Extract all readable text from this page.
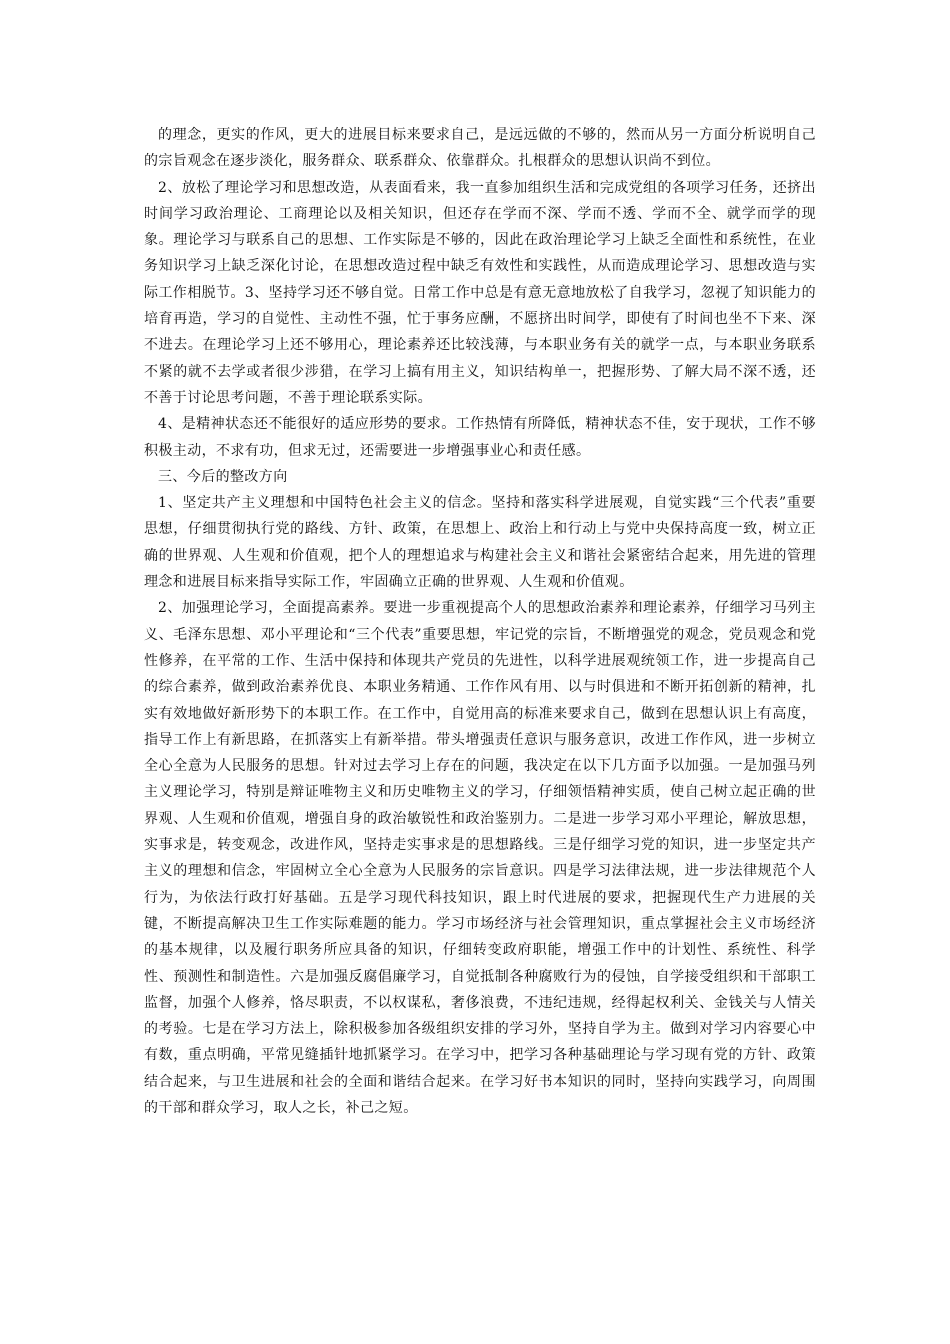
的理念，更实的作风，更大的进展目标来要求自己，是远远做的不够的，然而从另一方面分析说明自己的宗旨观念在逐步淡化，服务群众、联系群众、依靠群众。扎根群众的思想认识尚不到位。

2、放松了理论学习和思想改造，从表面看来，我一直参加组织生活和完成党组的各项学习任务，还挤出时间学习政治理论、工商理论以及相关知识，但还存在学而不深、学而不透、学而不全、就学而学的现象。理论学习与联系自己的思想、工作实际是不够的，因此在政治理论学习上缺乏全面性和系统性，在业务知识学习上缺乏深化讨论，在思想改造过程中缺乏有效性和实践性，从而造成理论学习、思想改造与实际工作相脱节。3、坚持学习还不够自觉。日常工作中总是有意无意地放松了自我学习，忽视了知识能力的培育再造，学习的自觉性、主动性不强，忙于事务应酬，不愿挤出时间学，即使有了时间也坐不下来、深不进去。在理论学习上还不够用心，理论素养还比较浅薄，与本职业务有关的就学一点，与本职业务联系不紧的就不去学或者很少涉猎，在学习上搞有用主义，知识结构单一，把握形势、了解大局不深不透，还不善于讨论思考问题，不善于理论联系实际。

4、是精神状态还不能很好的适应形势的要求。工作热情有所降低，精神状态不佳，安于现状，工作不够积极主动，不求有功，但求无过，还需要进一步增强事业心和责任感。

三、今后的整改方向

1、坚定共产主义理想和中国特色社会主义的信念。坚持和落实科学进展观，自觉实践“三个代表”重要思想，仔细贯彻执行党的路线、方针、政策，在思想上、政治上和行动上与党中央保持高度一致，树立正确的世界观、人生观和价值观，把个人的理想追求与构建社会主义和谐社会紧密结合起来，用先进的管理理念和进展目标来指导实际工作，牢固确立正确的世界观、人生观和价值观。

2、加强理论学习，全面提高素养。要进一步重视提高个人的思想政治素养和理论素养，仔细学习马列主义、毛泽东思想、邓小平理论和“三个代表”重要思想，牢记党的宗旨，不断增强党的观念，党员观念和党性修养，在平常的工作、生活中保持和体现共产党员的先进性，以科学进展观统领工作，进一步提高自己的综合素养，做到政治素养优良、本职业务精通、工作作风有用、以与时俱进和不断开拓创新的精神，扎实有效地做好新形势下的本职工作。在工作中，自觉用高的标准来要求自己，做到在思想认识上有高度，指导工作上有新思路，在抓落实上有新举措。带头增强责任意识与服务意识，改进工作作风，进一步树立全心全意为人民服务的思想。针对过去学习上存在的问题，我决定在以下几方面予以加强。一是加强马列主义理论学习，特别是辩证唯物主义和历史唯物主义的学习，仔细领悟精神实质，使自己树立起正确的世界观、人生观和价值观，增强自身的政治敏锐性和政治鉴别力。二是进一步学习邓小平理论，解放思想，实事求是，转变观念，改进作风，坚持走实事求是的思想路线。三是仔细学习党的知识，进一步坚定共产主义的理想和信念，牢固树立全心全意为人民服务的宗旨意识。四是学习法律法规，进一步法律规范个人行为，为依法行政打好基础。五是学习现代科技知识，跟上时代进展的要求，把握现代生产力进展的关键，不断提高解决卫生工作实际难题的能力。学习市场经济与社会管理知识，重点掌握社会主义市场经济的基本规律，以及履行职务所应具备的知识，仔细转变政府职能，增强工作中的计划性、系统性、科学性、预测性和制造性。六是加强反腐倡廉学习，自觉抵制各种腐败行为的侵蚀，自学接受组织和干部职工监督，加强个人修养，恪尽职责，不以权谋私，奢侈浪费，不违纪违规，经得起权利关、金钱关与人情关的考验。七是在学习方法上，除积极参加各级组织安排的学习外，坚持自学为主。做到对学习内容要心中有数，重点明确，平常见缝插针地抓紧学习。在学习中，把学习各种基础理论与学习现有党的方针、政策结合起来，与卫生进展和社会的全面和谐结合起来。在学习好书本知识的同时，坚持向实践学习，向周围的干部和群众学习，取人之长，补己之短。
